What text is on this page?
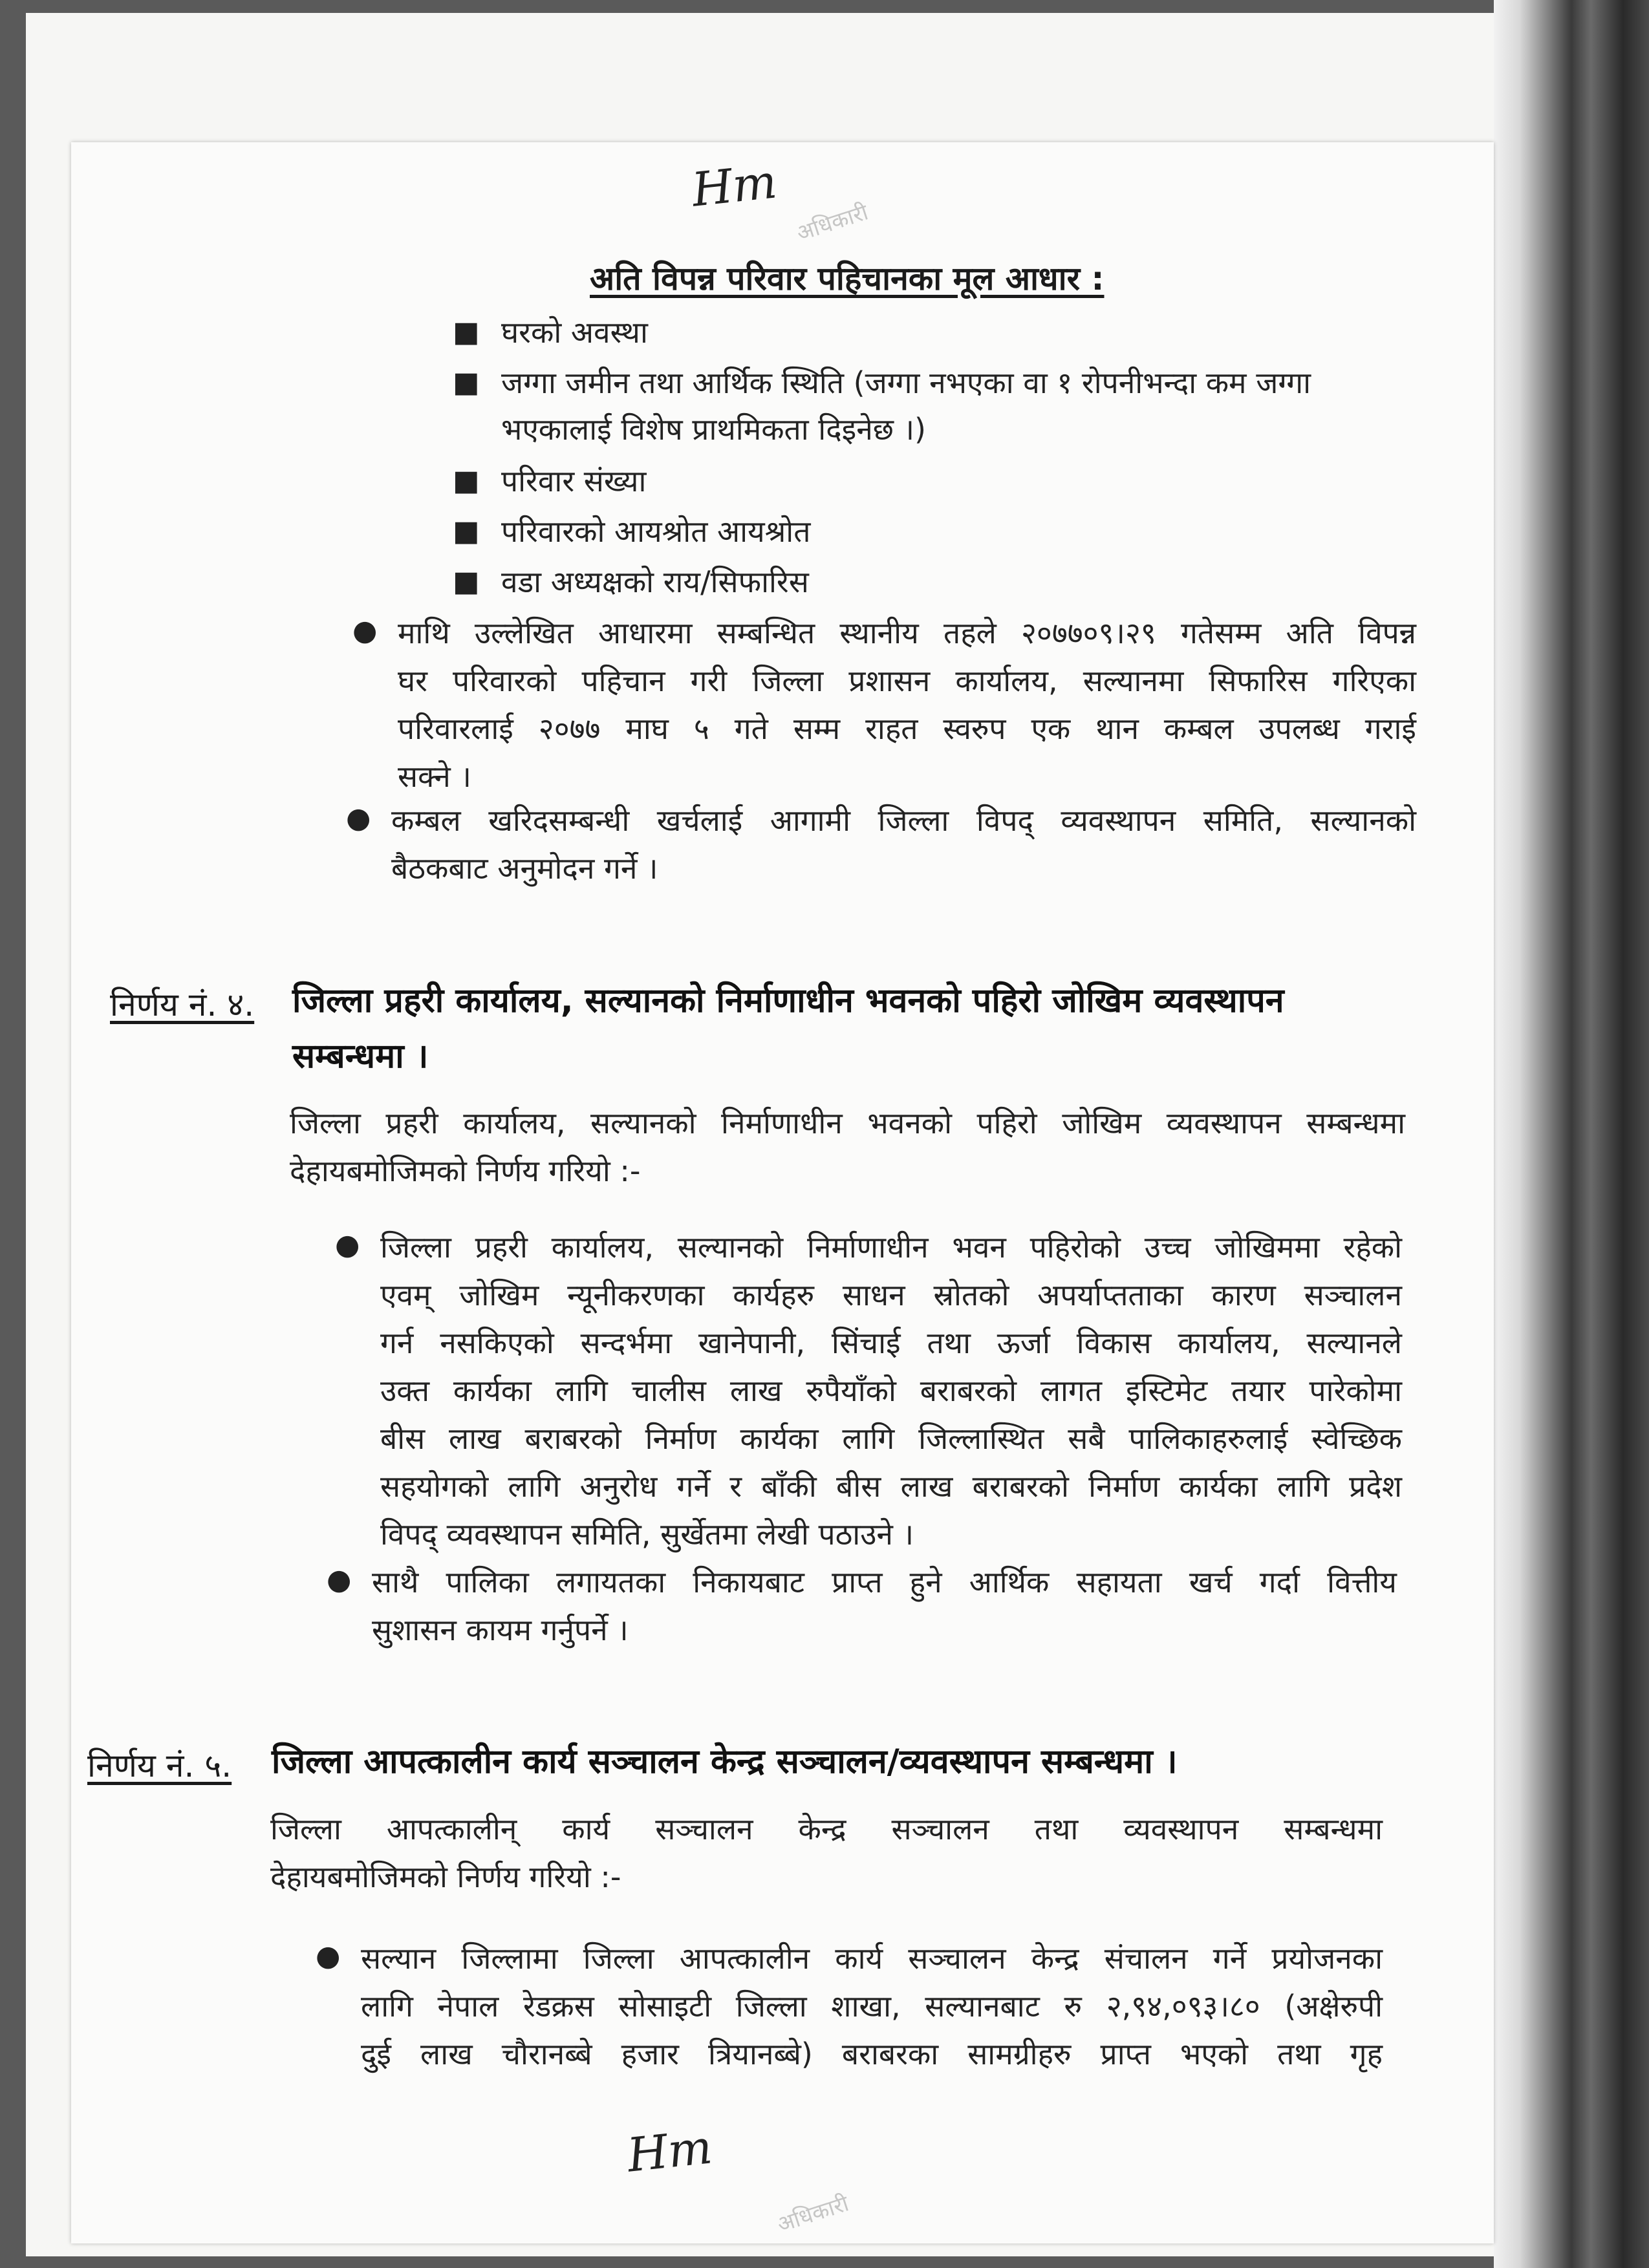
Hm
अधिकारी
अति विपन्न परिवार पहिचानका मूल आधार :
■ घरको अवस्था
■ जग्गा जमीन तथा आर्थिक स्थिति (जग्गा नभएका वा १ रोपनीभन्दा कम जग्गा
भएकालाई विशेष प्राथमिकता दिइनेछ ।)
■ परिवार संख्या
■ परिवारको आयश्रोत आयश्रोत
■ वडा अध्यक्षको राय/सिफारिस
● माथि उल्लेखित आधारमा सम्बन्धित स्थानीय तहले २०७७०९।२९ गतेसम्म अति विपन्न
घर परिवारको पहिचान गरी जिल्ला प्रशासन कार्यालय, सल्यानमा सिफारिस गरिएका
परिवारलाई २०७७ माघ ५ गते सम्म राहत स्वरुप एक थान कम्बल उपलब्ध गराई
सक्ने ।
● कम्बल खरिदसम्बन्धी खर्चलाई आगामी जिल्ला विपद् व्यवस्थापन समिति, सल्यानको
बैठकबाट अनुमोदन गर्ने ।
निर्णय नं. ४. जिल्ला प्रहरी कार्यालय, सल्यानको निर्माणाधीन भवनको पहिरो जोखिम व्यवस्थापन
सम्बन्धमा ।
जिल्ला प्रहरी कार्यालय, सल्यानको निर्माणाधीन भवनको पहिरो जोखिम व्यवस्थापन सम्बन्धमा
देहायबमोजिमको निर्णय गरियो :-
● जिल्ला प्रहरी कार्यालय, सल्यानको निर्माणाधीन भवन पहिरोको उच्च जोखिममा रहेको
एवम् जोखिम न्यूनीकरणका कार्यहरु साधन स्रोतको अपर्याप्तताका कारण सञ्चालन
गर्न नसकिएको सन्दर्भमा खानेपानी, सिंचाई तथा ऊर्जा विकास कार्यालय, सल्यानले
उक्त कार्यका लागि चालीस लाख रुपैयाँको बराबरको लागत इस्टिमेट तयार पारेकोमा
बीस लाख बराबरको निर्माण कार्यका लागि जिल्लास्थित सबै पालिकाहरुलाई स्वेच्छिक
सहयोगको लागि अनुरोध गर्ने र बाँकी बीस लाख बराबरको निर्माण कार्यका लागि प्रदेश
विपद् व्यवस्थापन समिति, सुर्खेतमा लेखी पठाउने ।
● साथै पालिका लगायतका निकायबाट प्राप्त हुने आर्थिक सहायता खर्च गर्दा वित्तीय
सुशासन कायम गर्नुपर्ने ।
निर्णय नं. ५. जिल्ला आपत्कालीन कार्य सञ्चालन केन्द्र सञ्चालन/व्यवस्थापन सम्बन्धमा ।
जिल्ला आपत्कालीन् कार्य सञ्चालन केन्द्र सञ्चालन तथा व्यवस्थापन सम्बन्धमा
देहायबमोजिमको निर्णय गरियो :-
● सल्यान जिल्लामा जिल्ला आपत्कालीन कार्य सञ्चालन केन्द्र संचालन गर्ने प्रयोजनका
लागि नेपाल रेडक्रस सोसाइटी जिल्ला शाखा, सल्यानबाट रु २,९४,०९३।८० (अक्षेरुपी
दुई लाख चौरानब्बे हजार त्रियानब्बे) बराबरका सामग्रीहरु प्राप्त भएको तथा गृह
Hm
अधिकारी
